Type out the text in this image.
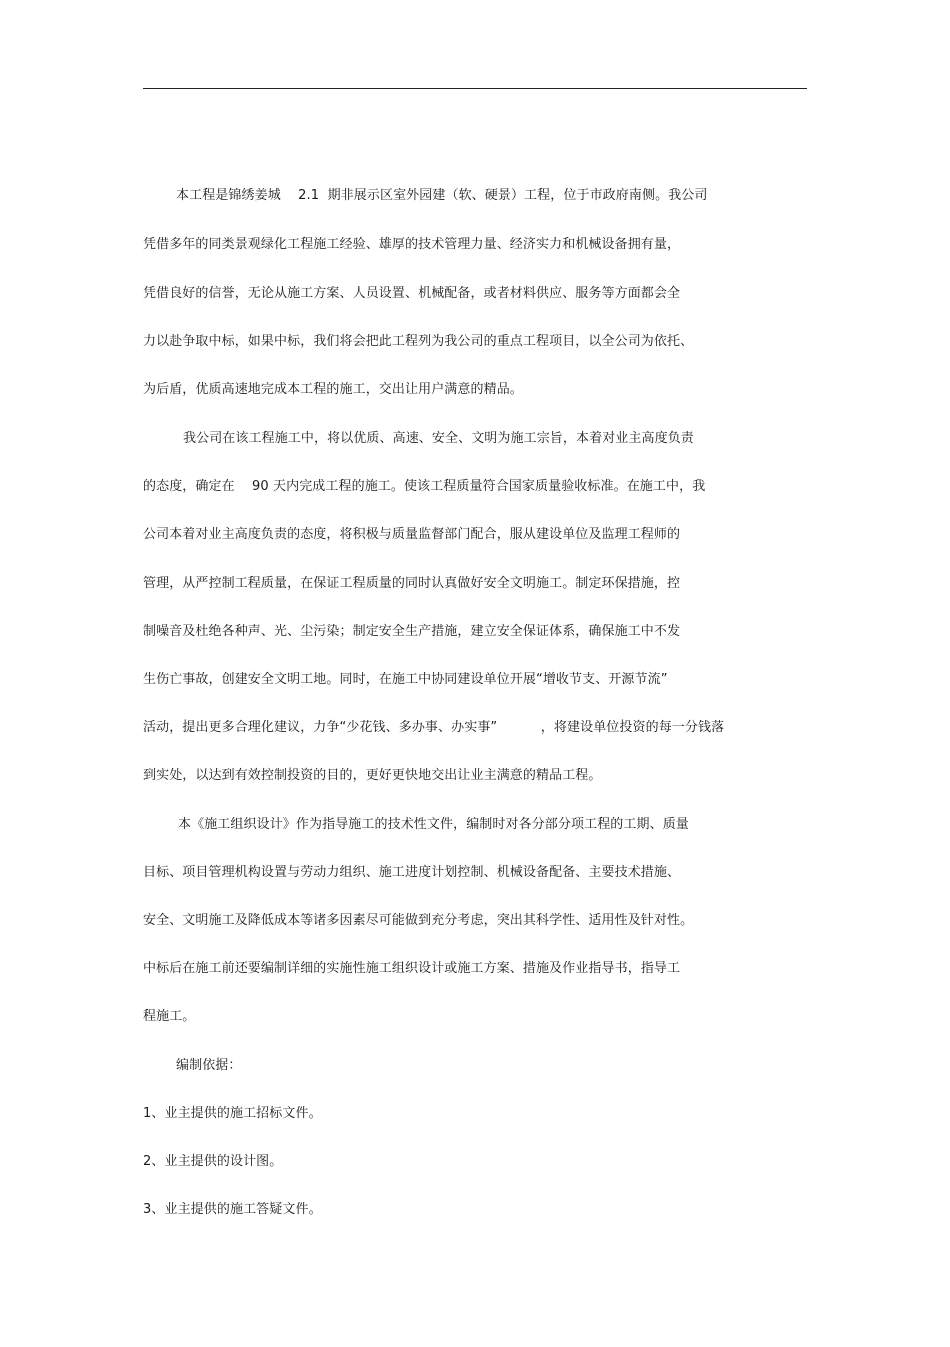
本工程是锦绣姜城　 2.1  期非展示区室外园建（软、硬景）工程，位于市政府南侧。我公司
凭借多年的同类景观绿化工程施工经验、雄厚的技术管理力量、经济实力和机械设备拥有量，
凭借良好的信誉，无论从施工方案、人员设置、机械配备，或者材料供应、服务等方面都会全
力以赴争取中标，如果中标，我们将会把此工程列为我公司的重点工程项目，以全公司为依托、
为后盾，优质高速地完成本工程的施工，交出让用户满意的精品。
我公司在该工程施工中，将以优质、高速、安全、文明为施工宗旨，本着对业主高度负责
的态度，确定在　 90 天内完成工程的施工。使该工程质量符合国家质量验收标准。在施工中，我
公司本着对业主高度负责的态度，将积极与质量监督部门配合，服从建设单位及监理工程师的
管理，从严控制工程质量，在保证工程质量的同时认真做好安全文明施工。制定环保措施，控
制噪音及杜绝各种声、光、尘污染；制定安全生产措施，建立安全保证体系，确保施工中不发
生伤亡事故，创建安全文明工地。同时，在施工中协同建设单位开展“增收节支、开源节流”
活动，提出更多合理化建议，力争“少花钱、多办事、办实事”　　　 ，将建设单位投资的每一分钱落
到实处，以达到有效控制投资的目的，更好更快地交出让业主满意的精品工程。
本《施工组织设计》作为指导施工的技术性文件，编制时对各分部分项工程的工期、质量
目标、项目管理机构设置与劳动力组织、施工进度计划控制、机械设备配备、主要技术措施、
安全、文明施工及降低成本等诸多因素尽可能做到充分考虑，突出其科学性、适用性及针对性。
中标后在施工前还要编制详细的实施性施工组织设计或施工方案、措施及作业指导书，指导工
程施工。
编制依据：
1、业主提供的施工招标文件。
2、业主提供的设计图。
3、业主提供的施工答疑文件。
